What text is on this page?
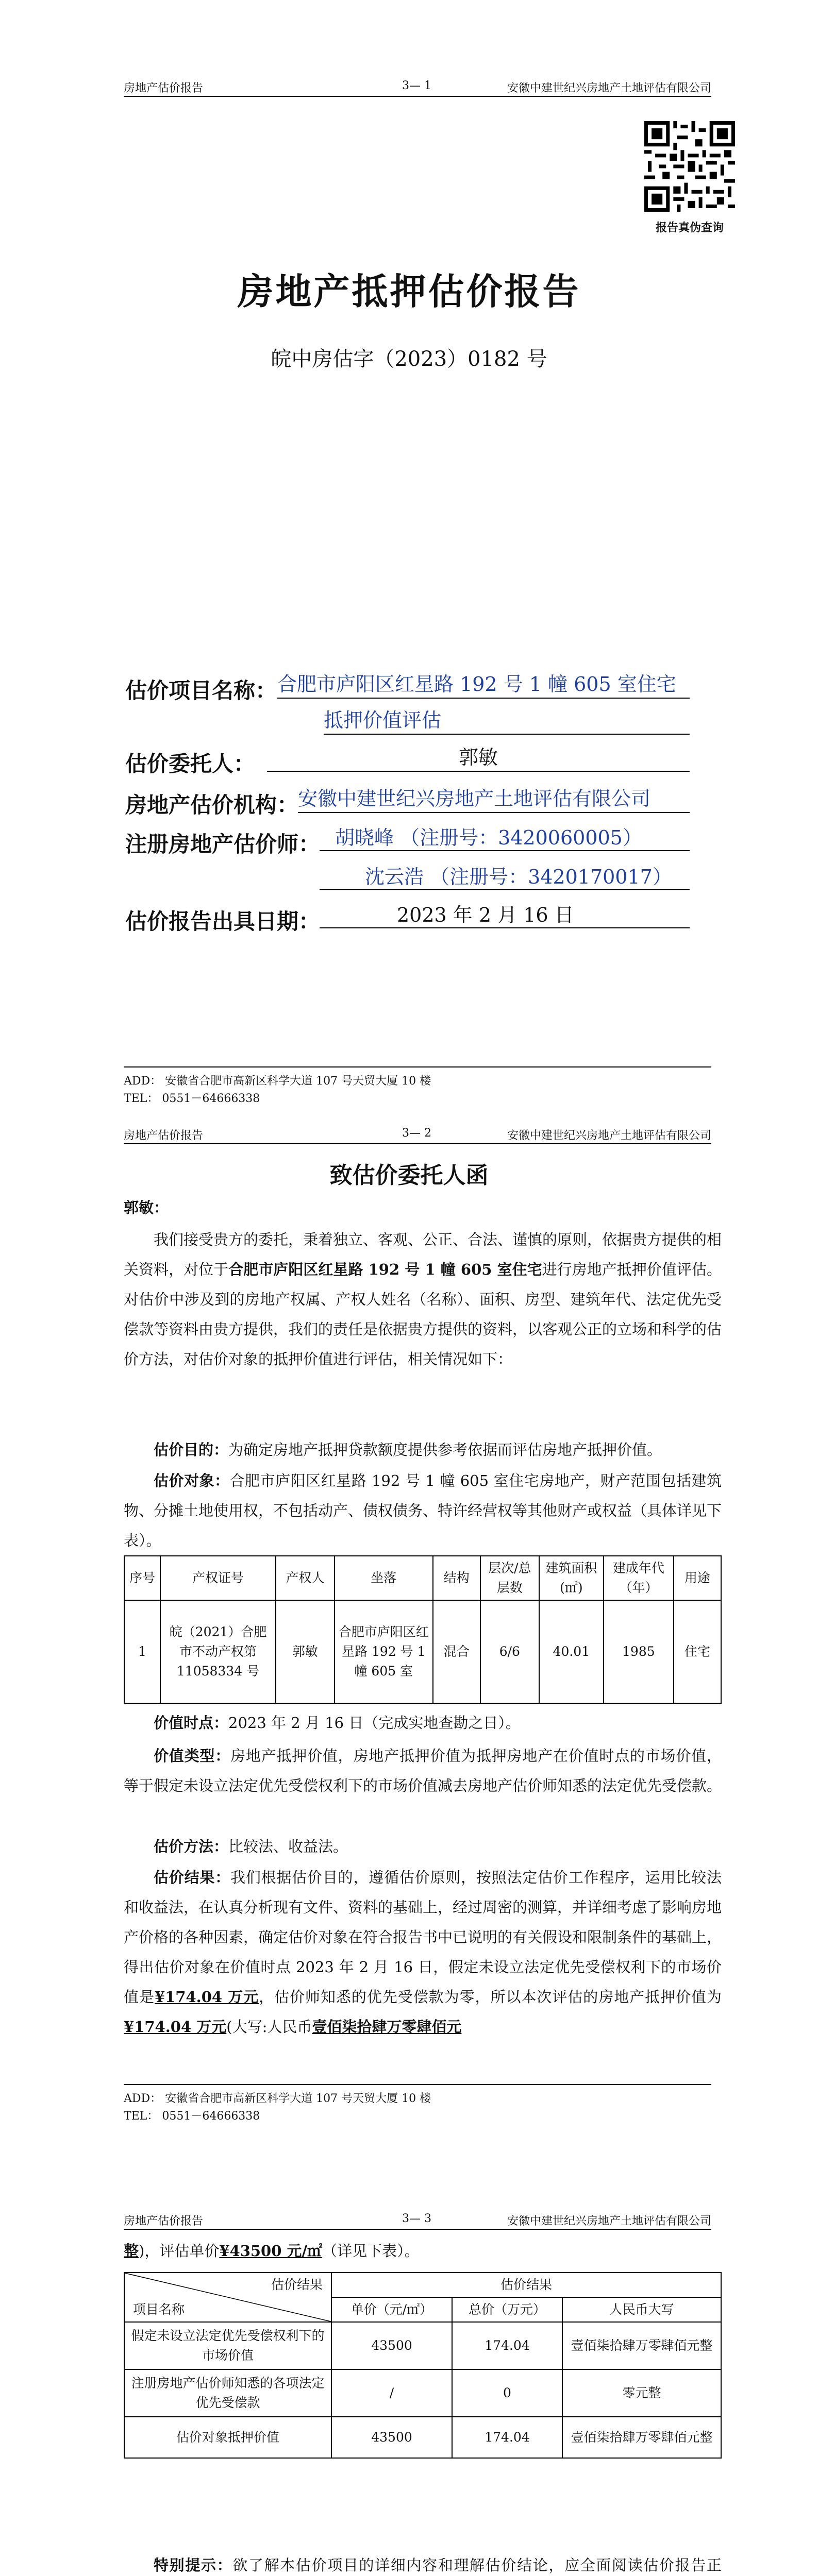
房地产估价报告	3— 1	安徽中建世纪兴房地产土地评估有限公司
报告真伪查询
房地产抵押估价报告
皖中房估字（2023）0182 号
估价项目名称： 合肥市庐阳区红星路 192 号 1 幢 605 室住宅
抵押价值评估
估价委托人：	郭敏
房地产估价机构：
安徽中建世纪兴房地产土地评估有限公司
注册房地产估价师： 胡晓峰 （注册号：3420060005）
沈云浩 （注册号：3420170017）
估价报告出具日期：	2023 年 2 月 16 日
ADD： 安徽省合肥市高新区科学大道 107 号天贸大厦 10 楼
TEL： 0551－64666338
房地产估价报告	3— 2	安徽中建世纪兴房地产土地评估有限公司
致估价委托人函
郭敏：
我们接受贵方的委托，秉着独立、客观、公正、合法、谨慎的原则，依据贵方提供的相关资料，对位于合肥市庐阳区红星路 192 号 1 幢 605 室住宅进行房地产抵押价值评估。对估价中涉及到的房地产权属、产权人姓名（名称）、面积、房型、建筑年代、法定优先受偿款等资料由贵方提供，我们的责任是依据贵方提供的资料，以客观公正的立场和科学的估价方法，对估价对象的抵押价值进行评估，相关情况如下：
估价目的：为确定房地产抵押贷款额度提供参考依据而评估房地产抵押价值。
估价对象：合肥市庐阳区红星路 192 号 1 幢 605 室住宅房地产，财产范围包括建筑物、分摊土地使用权，不包括动产、债权债务、特许经营权等其他财产或权益（具体详见下表）。
序号	产权证号	产权人	坐落	结构	层次/总层数	建筑面积(㎡)	建成年代（年）	用途
1	皖（2021）合肥市不动产权第 11058334 号	郭敏	合肥市庐阳区红星路 192 号 1 幢 605 室	混合	6/6	40.01	1985	住宅
价值时点：2023 年 2 月 16 日（完成实地查勘之日）。
价值类型：房地产抵押价值，房地产抵押价值为抵押房地产在价值时点的市场价值，等于假定未设立法定优先受偿权利下的市场价值减去房地产估价师知悉的法定优先受偿款。
估价方法：比较法、收益法。
估价结果：我们根据估价目的，遵循估价原则，按照法定估价工作程序，运用比较法和收益法，在认真分析现有文件、资料的基础上，经过周密的测算，并详细考虑了影响房地产价格的各种因素，确定估价对象在符合报告书中已说明的有关假设和限制条件的基础上，得出估价对象在价值时点 2023 年 2 月 16 日，假定未设立法定优先受偿权利下的市场价值是¥174.04 万元，估价师知悉的优先受偿款为零，所以本次评估的房地产抵押价值为¥174.04 万元(大写:人民币壹佰柒拾肆万零肆佰元
ADD： 安徽省合肥市高新区科学大道 107 号天贸大厦 10 楼
TEL： 0551－64666338
房地产估价报告	3— 3	安徽中建世纪兴房地产土地评估有限公司
整)，评估单价¥43500 元/㎡（详见下表）。
估价结果
项目名称	估价结果		
	单价（元/㎡）	总价（万元）	人民币大写
假定未设立法定优先受偿权利下的市场价值	43500	174.04	壹佰柒拾肆万零肆佰元整
注册房地产估价师知悉的各项法定优先受偿款	/	0	零元整
估价对象抵押价值	43500	174.04	壹佰柒拾肆万零肆佰元整
特别提示：欲了解本估价项目的详细内容和理解估价结论，应全面阅读估价报告正
